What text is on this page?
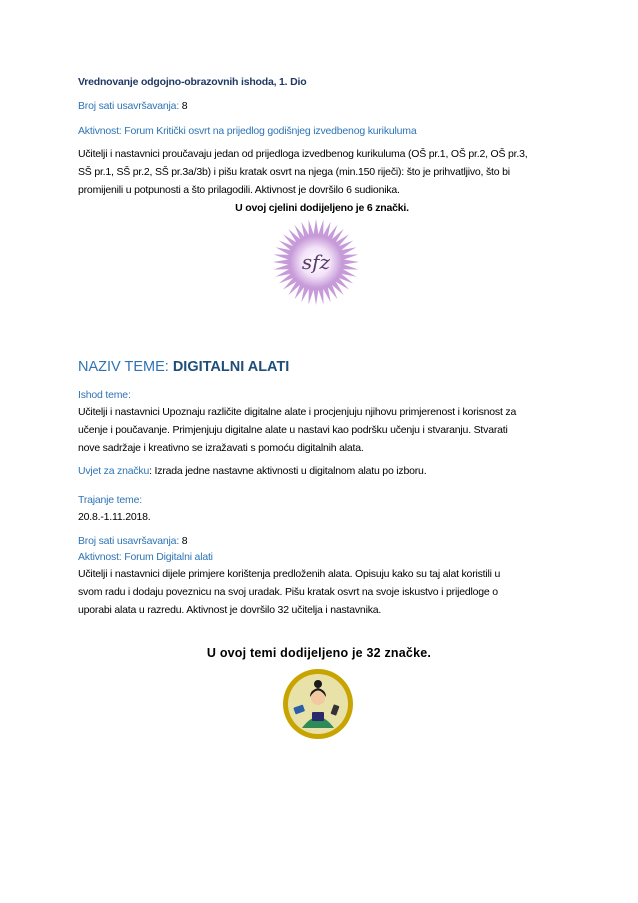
Vrednovanje odgojno-obrazovnih ishoda, 1. Dio
Broj sati usavršavanja: 8
Aktivnost: Forum Kritički osvrt na prijedlog godišnjeg izvedbenog kurikuluma
Učitelji i nastavnici proučavaju jedan od prijedloga izvedbenog kurikuluma (OŠ pr.1, OŠ pr.2, OŠ pr.3,
SŠ pr.1, SŠ pr.2, SŠ pr.3a/3b) i pišu kratak osvrt na njega (min.150 riječi): što je prihvatljivo, što bi
promijenili u potpunosti a što prilagodili. Aktivnost je dovršilo 6 sudionika.
U ovoj cjelini dodijeljeno je 6 znački.
sfz
NAZIV TEME: DIGITALNI ALATI
Ishod teme:
Učitelji i nastavnici Upoznaju različite digitalne alate i procjenjuju njihovu primjerenost i korisnost za
učenje i poučavanje. Primjenjuju digitalne alate u nastavi kao podršku učenju i stvaranju. Stvarati
nove sadržaje i kreativno se izražavati s pomoću digitalnih alata.
Uvjet za značku: Izrada jedne nastavne aktivnosti u digitalnom alatu po izboru.
Trajanje teme:
20.8.-1.11.2018.
Broj sati usavršavanja: 8
Aktivnost: Forum Digitalni alati
Učitelji i nastavnici dijele primjere korištenja predloženih alata. Opisuju kako su taj alat koristili u
svom radu i dodaju poveznicu na svoj uradak. Pišu kratak osvrt na svoje iskustvo i prijedloge o
uporabi alata u razredu. Aktivnost je dovršilo 32 učitelja i nastavnika.
U ovoj temi dodijeljeno je 32 značke.
